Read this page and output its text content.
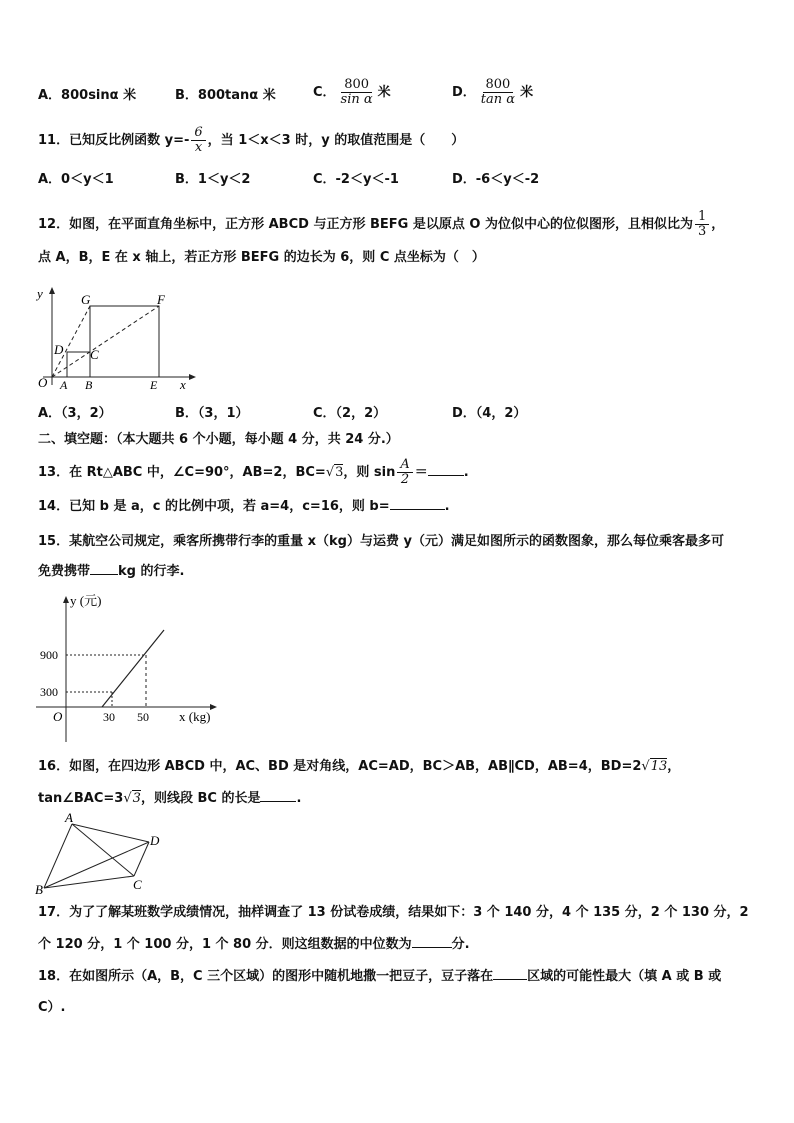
A．800sinα 米	B．800tanα 米	C． $\frac{800}{\text{sin α}}$ 米	D． $\frac{800}{\text{tan α}}$ 米
11．已知反比例函数 $y=- \frac{6}{x}$ ，当 1＜x＜3 时，y 的取值范围是（　　）
A．0＜y＜1	B．1＜y＜2	C．-2＜y＜-1	D．-6＜y＜-2
12．如图，在平面直角坐标中，正方形 ABCD 与正方形 BEFG 是以原点 O 为位似中心的位似图形，且相似比为 $\frac{1}{3}$ ，
点 A，B，E 在 x 轴上，若正方形 BEFG 的边长为 6，则 C 点坐标为（　）
y
x
O A B
C
D
E
F
G
A．（3，2）	B．（3，1）	C．（2，2）	D．（4，2）
二、填空题：（本大题共 6 个小题，每小题 4 分，共 24 分.）
13．在 Rt△ABC 中，∠C=90°，AB=2，BC=√3，则 $\sin \frac{A}{2}$ ＝	.
14．已知 b 是 a，c 的比例中项，若 a=4，c=16，则 b=	.
15．某航空公司规定，乘客所携带行李的重量 x（kg）与运费 y（元）满足如图所示的函数图象，那么每位乘客最多可
免费携带 kg 的行李.
y (元)
x (kg)
O
900
300
30 50
16．如图，在四边形 ABCD 中，AC、BD 是对角线，AC=AD，BC＞AB，AB∥CD，AB=4，BD=2√13，
tan∠BAC=3√3，则线段 BC 的长是	.
A
B	C
D
17．为了了解某班数学成绩情况，抽样调查了 13 份试卷成绩，结果如下：3 个 140 分，4 个 135 分，2 个 130 分，2
个 120 分，1 个 100 分，1 个 80 分．则这组数据的中位数为	分.
18．在如图所示（A，B，C 三个区域）的图形中随机地撒一把豆子，豆子落在	区域的可能性最大（填 A 或 B 或
C）.
